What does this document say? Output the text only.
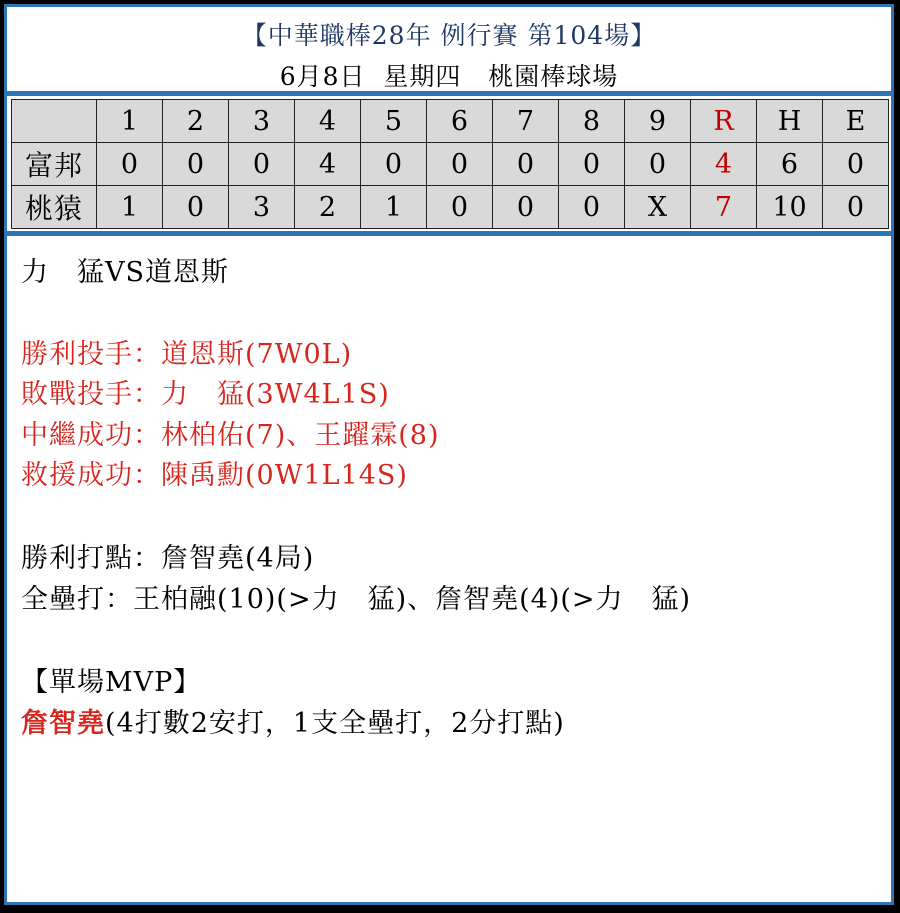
【中華職棒28年 例行賽 第104場】
6月8日  星期四   桃園棒球場
	1	2	3	4	5	6	7	8	9	R	H	E
富邦	0	0	0	4	0	0	0	0	0	4	6	0
桃猿	1	0	3	2	1	0	0	0	X	7	10	0
力　猛VS道恩斯
勝利投手：道恩斯(7W0L)
敗戰投手：力　猛(3W4L1S)
中繼成功：林柏佑(7)、王躍霖(8)
救援成功：陳禹勳(0W1L14S)
勝利打點：詹智堯(4局)
全壘打：王柏融(10)(>力　猛)、詹智堯(4)(>力　猛)
【單場MVP】
詹智堯(4打數2安打，1支全壘打，2分打點)
